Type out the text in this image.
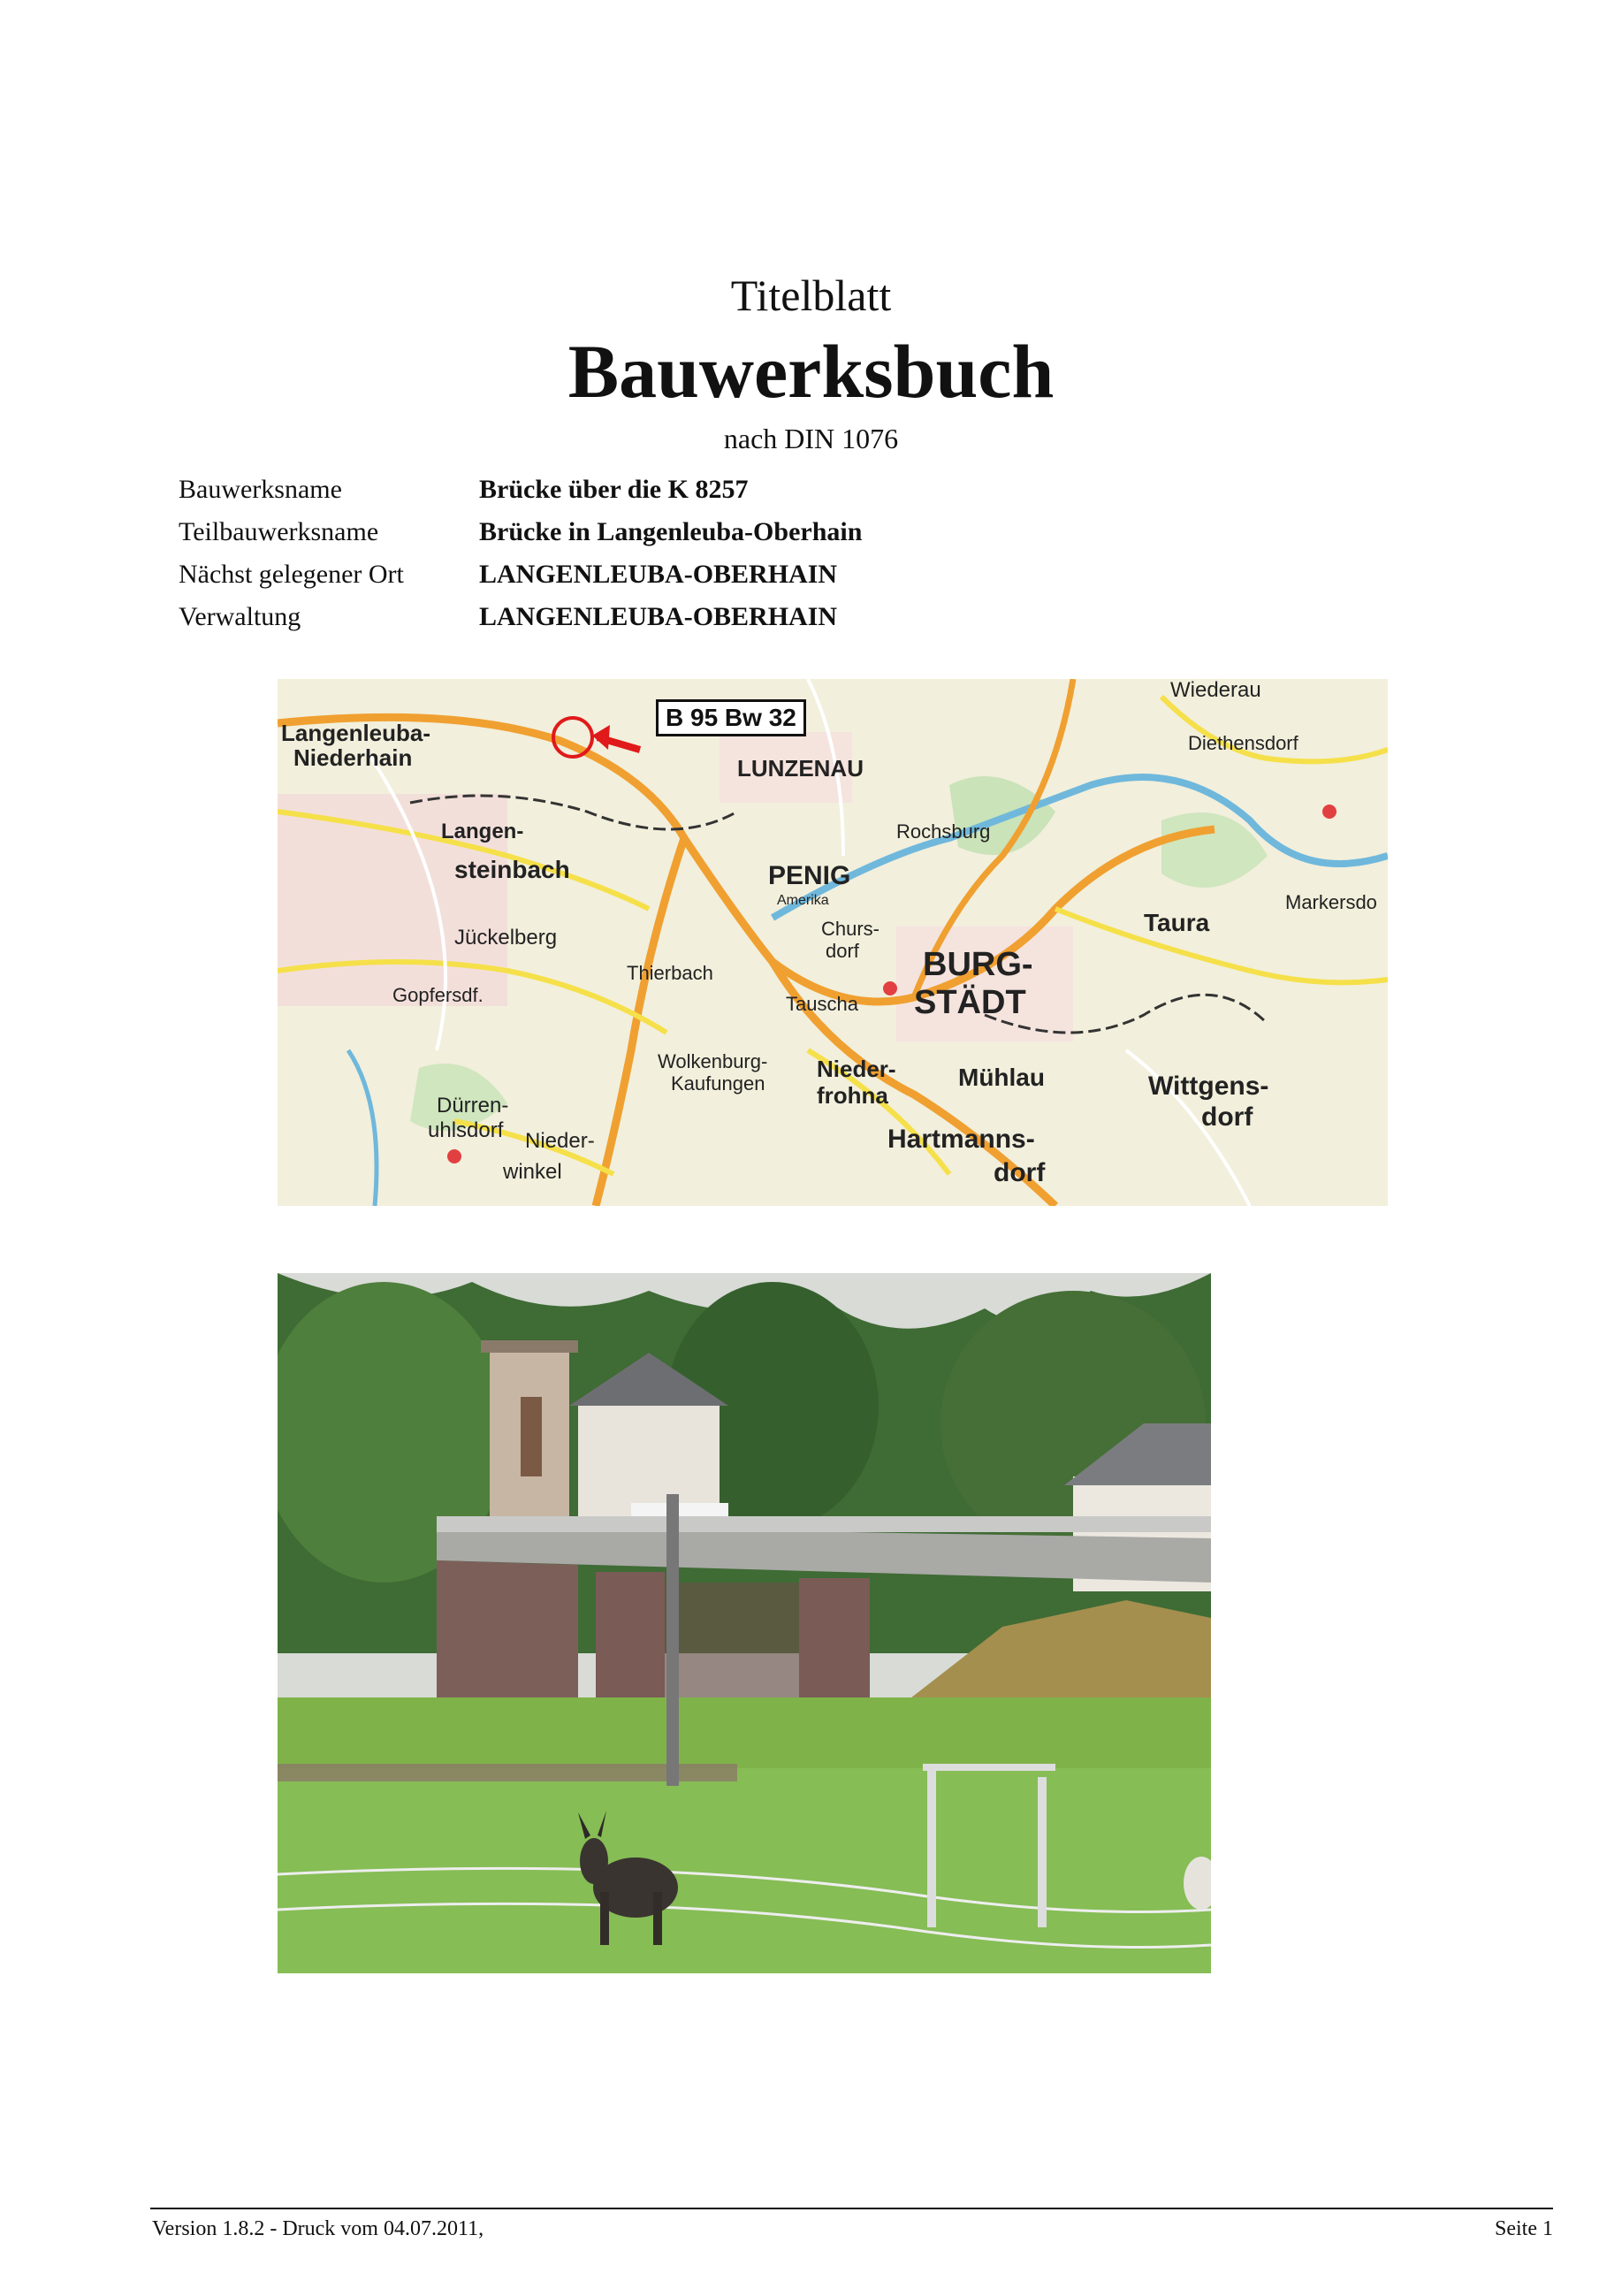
Titelblatt
Bauwerksbuch
nach DIN 1076
Bauwerksname	Brücke über die K 8257
Teilbauwerksname	Brücke in Langenleuba-Oberhain
Nächst gelegener Ort	LANGENLEUBA-OBERHAIN
Verwaltung	LANGENLEUBA-OBERHAIN
Langenleuba-
Niederhain	LUNZENAU
PENIG
BURG-
STÄDT
Langen-
steinbach
Wiederau
Diethensdorf
Taura
Mühlau
Hartmanns-
dorf
Wittgens-
dorf
Nieder-
frohna
Wolkenburg-
Kaufungen
Tauscha
Jückelberg
Gopfersdf.
Dürren-
uhlsdorf Nieder-
winkel
Markersdo
Rochsburg
Amerika
Churs-
dorf
Thierbach
B 95 Bw 32
Version 1.8.2 - Druck vom 04.07.2011,	Seite 1
